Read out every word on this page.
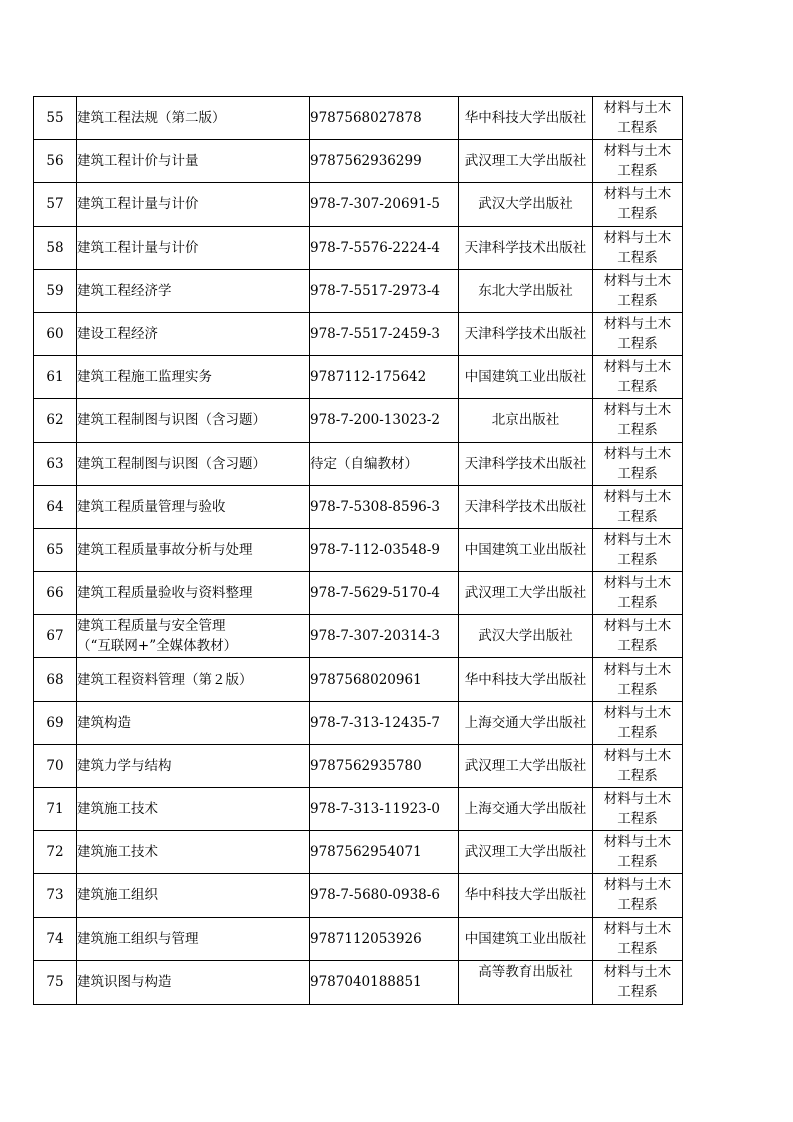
55	建筑工程法规（第二版）	9787568027878	华中科技大学出版社	材料与土木
工程系

56	建筑工程计价与计量	9787562936299	武汉理工大学出版社	材料与土木
工程系

57	建筑工程计量与计价	978-7-307-20691-5	武汉大学出版社	材料与土木
工程系

58	建筑工程计量与计价	978-7-5576-2224-4	天津科学技术出版社	材料与土木
工程系

59	建筑工程经济学	978-7-5517-2973-4	东北大学出版社	材料与土木
工程系

60	建设工程经济	978-7-5517-2459-3	天津科学技术出版社	材料与土木
工程系

61	建筑工程施工监理实务	9787112-175642	中国建筑工业出版社	材料与土木
工程系

62	建筑工程制图与识图（含习题）	978-7-200-13023-2	北京出版社	材料与土木
工程系

63	建筑工程制图与识图（含习题）	待定（自编教材）	天津科学技术出版社	材料与土木
工程系

64	建筑工程质量管理与验收	978-7-5308-8596-3	天津科学技术出版社	材料与土木
工程系

65	建筑工程质量事故分析与处理	978-7-112-03548-9	中国建筑工业出版社	材料与土木
工程系

66	建筑工程质量验收与资料整理	978-7-5629-5170-4	武汉理工大学出版社	材料与土木
工程系

67	建筑工程质量与安全管理
（“互联网+”全媒体教材）	978-7-307-20314-3	武汉大学出版社	材料与土木
工程系

68	建筑工程资料管理（第２版）	9787568020961	华中科技大学出版社	材料与土木
工程系

69	建筑构造	978-7-313-12435-7	上海交通大学出版社	材料与土木
工程系

70	建筑力学与结构	9787562935780	武汉理工大学出版社	材料与土木
工程系

71	建筑施工技术	978-7-313-11923-0	上海交通大学出版社	材料与土木
工程系

72	建筑施工技术	9787562954071	武汉理工大学出版社	材料与土木
工程系

73	建筑施工组织	978-7-5680-0938-6	华中科技大学出版社	材料与土木
工程系

74	建筑施工组织与管理	9787112053926	中国建筑工业出版社	材料与土木
工程系

75	建筑识图与构造	9787040188851	高等教育出版社	材料与土木
工程系
